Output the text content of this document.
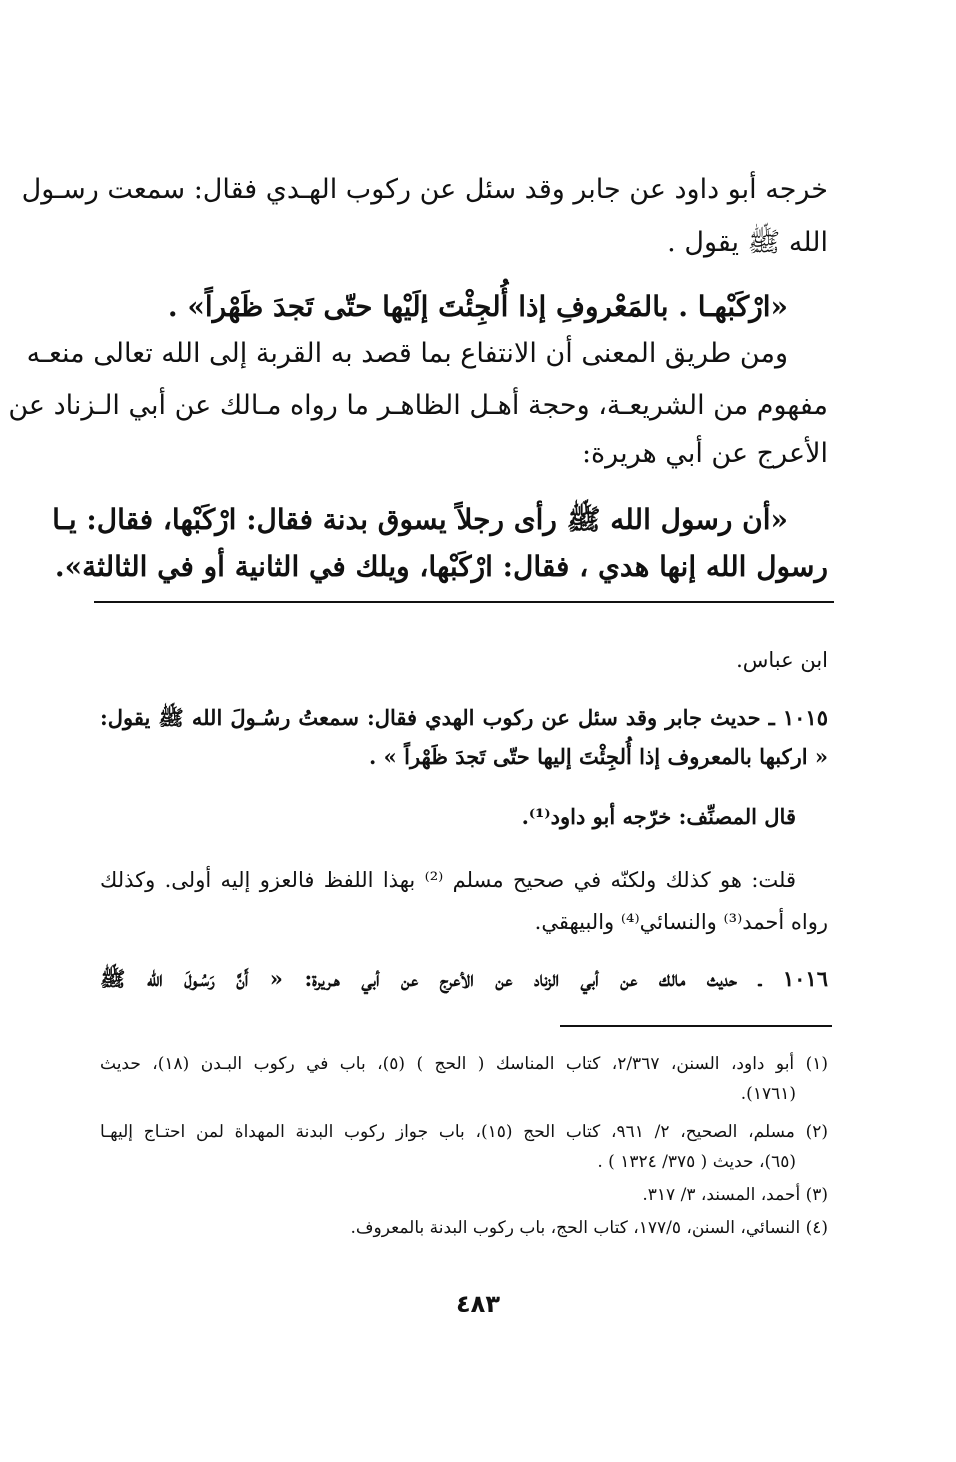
خرجه أبو داود عن جابر وقد سئل عن ركوب الهـدي فقال: سمعت رسـول
الله ﷺ يقول .
«ارْكَبْهـا . بالمَعْروفِ إذا أُلجِئْتَ إلَيْها حتّى تَجدَ ظَهْراً» .
ومن طريق المعنى أن الانتفاع بما قصد به القربة إلى الله تعالى منعـه
مفهوم من الشريعـة، وحجة أهـل الظاهـر ما رواه مـالك عن أبي الـزناد عن
الأعرج عن أبي هريرة:
«أن رسول الله ﷺ رأى رجلاً يسوق بدنة فقال: ارْكَبْها، فقال: يـا
رسول الله إنها هدي ، فقال: ارْكَبْها، ويلك في الثانية أو في الثالثة».
ابن عباس.
١٠١٥ ـ حديث جابر وقد سئل عن ركوب الهدي فقال: سمعتُ رسُـولَ الله ﷺ يقول:
« اركبها بالمعروف إذا أُلجِئْتَ إليها حتّى تَجدَ ظَهْراً » .
قال المصنِّف: خرّجه أبو داود⁽¹⁾.
قلت: هو كذلك ولكنّه في صحيح مسلم ⁽²⁾ بهذا اللفظ فالعزو إليه أولى. وكذلك
رواه أحمد⁽³⁾ والنسائي⁽⁴⁾ والبيهقي.
١٠١٦ ـ حديث مالك عن أبي الزناد عن الأعرج عن أبي هـريرة: « أَنَّ رَسُـولَ الله ﷺ
(١) أبو داود، السنن، ٢/٣٦٧، كتاب المناسك ( الحج ) (٥)، باب في ركوب البـدن (١٨)، حديث
(١٧٦١).
(٢) مسلم، الصحيح، ٢/ ٩٦١، كتاب الحج (١٥)، باب جواز ركوب البدنة المهداة لمن احتـاج إليهـا
(٦٥)، حديث ( ٣٧٥/ ١٣٢٤ ) .
(٣) أحمد، المسند، ٣/ ٣١٧.
(٤) النسائي، السنن، ١٧٧/٥، كتاب الحج، باب ركوب البدنة بالمعروف.
٤٨٣
